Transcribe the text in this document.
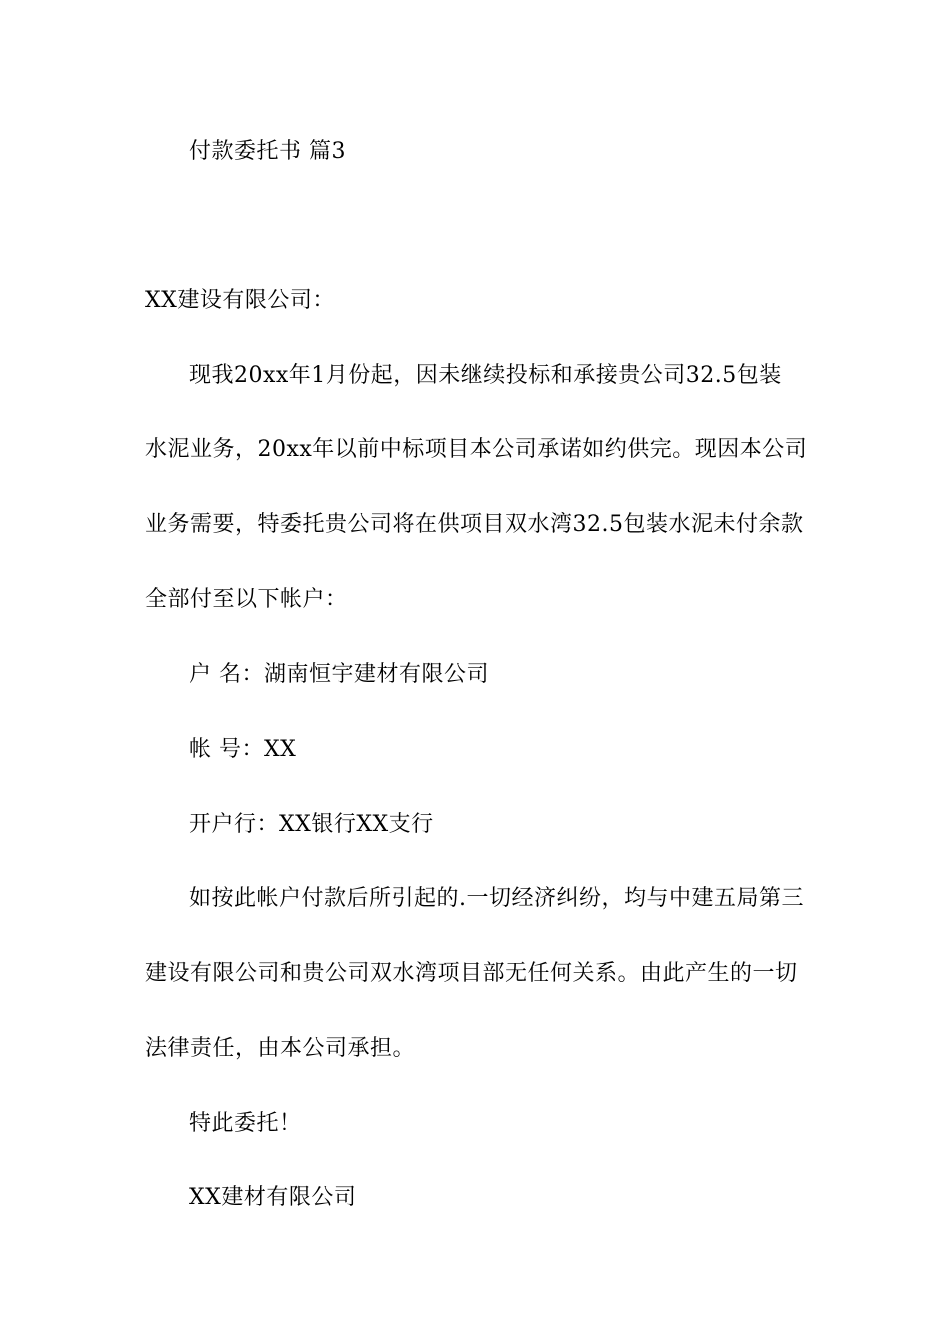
付款委托书 篇3
XX建设有限公司：
现我20xx年1月份起，因未继续投标和承接贵公司32.5包装
水泥业务，20xx年以前中标项目本公司承诺如约供完。现因本公司
业务需要，特委托贵公司将在供项目双水湾32.5包装水泥未付余款
全部付至以下帐户：
户 名：湖南恒宇建材有限公司
帐 号：XX
开户行：XX银行XX支行
如按此帐户付款后所引起的.一切经济纠纷，均与中建五局第三
建设有限公司和贵公司双水湾项目部无任何关系。由此产生的一切
法律责任，由本公司承担。
特此委托！
XX建材有限公司
